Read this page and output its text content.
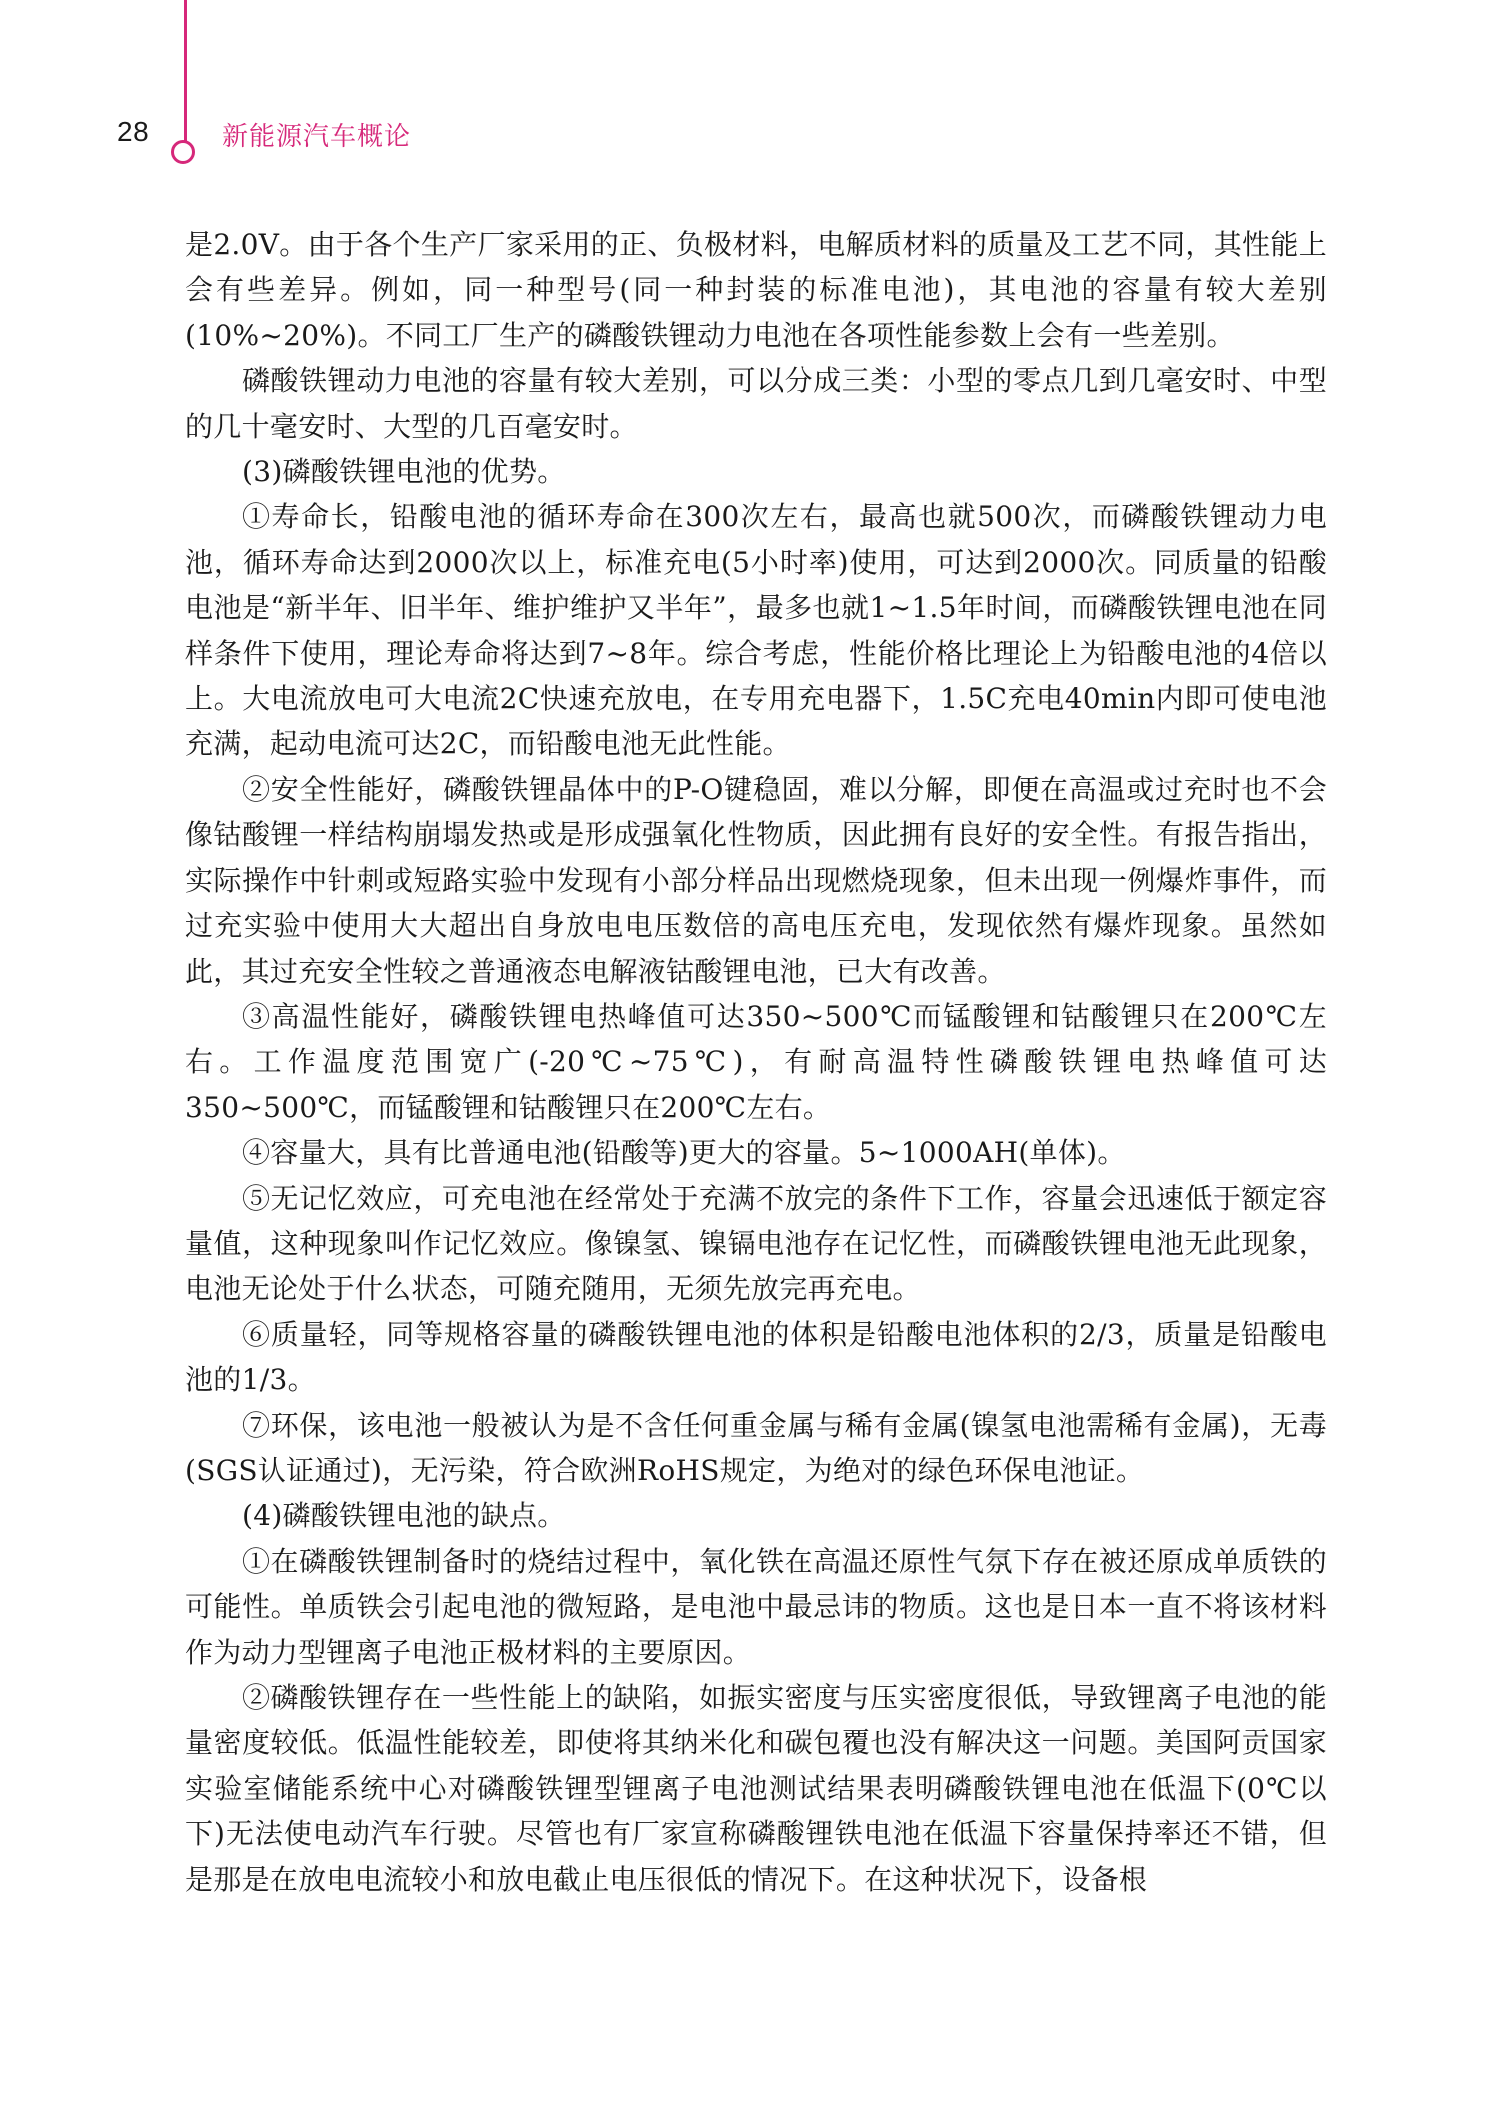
28	新能源汽车概论

是2.0V。由于各个生产厂家采用的正、负极材料，电解质材料的质量及工艺不同，其性能上会有些差异。例如，同一种型号(同一种封装的标准电池)，其电池的容量有较大差别(10%~20%)。不同工厂生产的磷酸铁锂动力电池在各项性能参数上会有一些差别。

磷酸铁锂动力电池的容量有较大差别，可以分成三类：小型的零点几到几毫安时、中型的几十毫安时、大型的几百毫安时。

(3)磷酸铁锂电池的优势。

①寿命长，铅酸电池的循环寿命在300次左右，最高也就500次，而磷酸铁锂动力电池，循环寿命达到2000次以上，标准充电(5小时率)使用，可达到2000次。同质量的铅酸电池是“新半年、旧半年、维护维护又半年”，最多也就1~1.5年时间，而磷酸铁锂电池在同样条件下使用，理论寿命将达到7~8年。综合考虑，性能价格比理论上为铅酸电池的4倍以上。大电流放电可大电流2C快速充放电，在专用充电器下，1.5C充电40min内即可使电池充满，起动电流可达2C，而铅酸电池无此性能。

②安全性能好，磷酸铁锂晶体中的P-O键稳固，难以分解，即便在高温或过充时也不会像钴酸锂一样结构崩塌发热或是形成强氧化性物质，因此拥有良好的安全性。有报告指出，实际操作中针刺或短路实验中发现有小部分样品出现燃烧现象，但未出现一例爆炸事件，而过充实验中使用大大超出自身放电电压数倍的高电压充电，发现依然有爆炸现象。虽然如此，其过充安全性较之普通液态电解液钴酸锂电池，已大有改善。

③高温性能好，磷酸铁锂电热峰值可达350~500℃而锰酸锂和钴酸锂只在200℃左右。工作温度范围宽广(-20℃~75℃)，有耐高温特性磷酸铁锂电热峰值可达350~500℃，而锰酸锂和钴酸锂只在200℃左右。

④容量大，具有比普通电池(铅酸等)更大的容量。5~1000AH(单体)。

⑤无记忆效应，可充电池在经常处于充满不放完的条件下工作，容量会迅速低于额定容量值，这种现象叫作记忆效应。像镍氢、镍镉电池存在记忆性，而磷酸铁锂电池无此现象，电池无论处于什么状态，可随充随用，无须先放完再充电。

⑥质量轻，同等规格容量的磷酸铁锂电池的体积是铅酸电池体积的2/3，质量是铅酸电池的1/3。

⑦环保，该电池一般被认为是不含任何重金属与稀有金属(镍氢电池需稀有金属)，无毒(SGS认证通过)，无污染，符合欧洲RoHS规定，为绝对的绿色环保电池证。

(4)磷酸铁锂电池的缺点。

①在磷酸铁锂制备时的烧结过程中，氧化铁在高温还原性气氛下存在被还原成单质铁的可能性。单质铁会引起电池的微短路，是电池中最忌讳的物质。这也是日本一直不将该材料作为动力型锂离子电池正极材料的主要原因。

②磷酸铁锂存在一些性能上的缺陷，如振实密度与压实密度很低，导致锂离子电池的能量密度较低。低温性能较差，即使将其纳米化和碳包覆也没有解决这一问题。美国阿贡国家实验室储能系统中心对磷酸铁锂型锂离子电池测试结果表明磷酸铁锂电池在低温下(0℃以下)无法使电动汽车行驶。尽管也有厂家宣称磷酸锂铁电池在低温下容量保持率还不错，但是那是在放电电流较小和放电截止电压很低的情况下。在这种状况下，设备根
